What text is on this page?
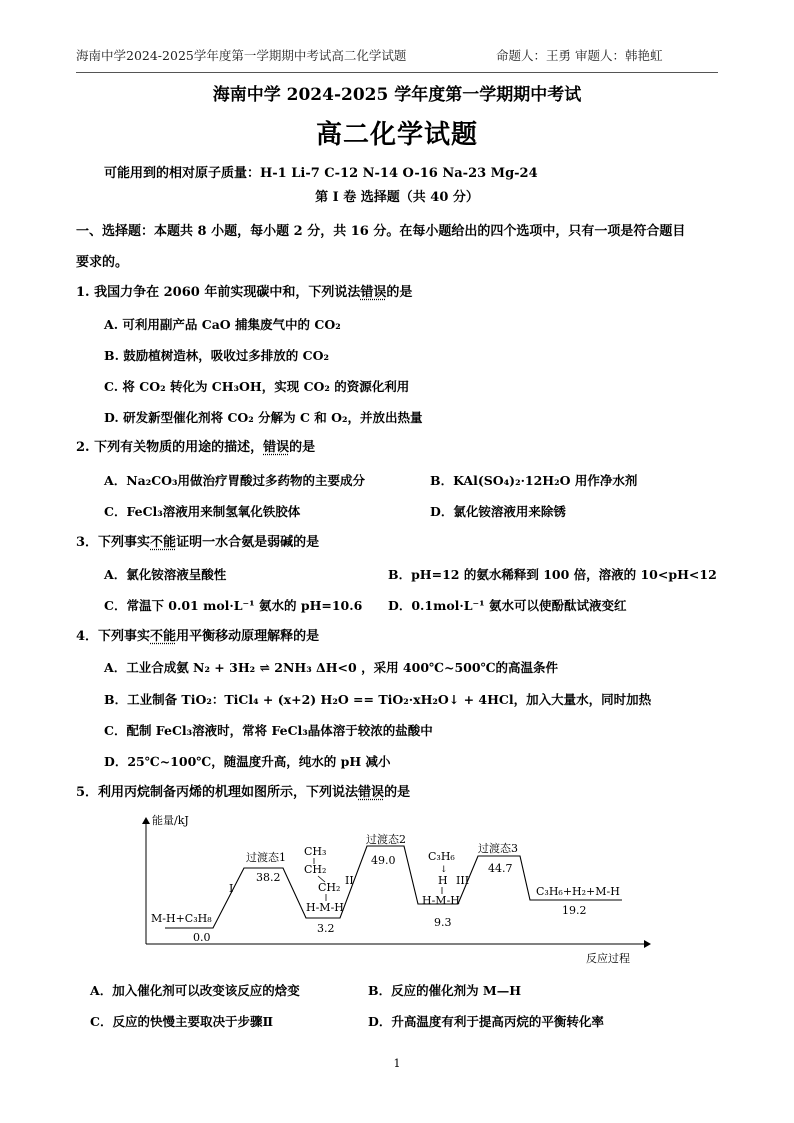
海南中学2024-2025学年度第一学期期中考试高二化学试题	命题人：王勇 审题人：韩艳虹
海南中学 2024-2025 学年度第一学期期中考试
高二化学试题
可能用到的相对原子质量：H-1 Li-7 C-12 N-14 O-16 Na-23 Mg-24
第 I 卷 选择题（共 40 分）
一、选择题：本题共 8 小题，每小题 2 分，共 16 分。在每小题给出的四个选项中，只有一项是符合题目
要求的。
1. 我国力争在 2060 年前实现碳中和，下列说法错误的是
A. 可利用副产品 CaO 捕集废气中的 CO₂
B. 鼓励植树造林，吸收过多排放的 CO₂
C. 将 CO₂ 转化为 CH₃OH，实现 CO₂ 的资源化利用
D. 研发新型催化剂将 CO₂ 分解为 C 和 O₂，并放出热量
2. 下列有关物质的用途的描述，错误的是
A．Na₂CO₃用做治疗胃酸过多药物的主要成分	B．KAl(SO₄)₂·12H₂O 用作净水剂
C．FeCl₃溶液用来制氢氧化铁胶体	D．氯化铵溶液用来除锈
3．下列事实不能证明一水合氨是弱碱的是
A．氯化铵溶液呈酸性	B．pH=12 的氨水稀释到 100 倍，溶液的 10<pH<12
C．常温下 0.01 mol·L⁻¹ 氨水的 pH=10.6 D．0.1mol·L⁻¹ 氨水可以使酚酞试液变红
4．下列事实不能用平衡移动原理解释的是
A．工业合成氨 N₂ + 3H₂ ⇌ 2NH₃ ΔH<0 ，采用 400℃~500℃的高温条件
B．工业制备 TiO₂：TiCl₄ + (x+2) H₂O == TiO₂·xH₂O↓ + 4HCl，加入大量水，同时加热
C．配制 FeCl₃溶液时，常将 FeCl₃晶体溶于较浓的盐酸中
D．25℃~100℃，随温度升高，纯水的 pH 减小
5．利用丙烷制备丙烯的机理如图所示，下列说法错误的是
能量/kJ
反应过程
M-H+C₃H₈
0.0
过渡态1
38.2
I
CH₃
CH₂
CH₂
H-M-H
3.2
II
过渡态2
49.0	C₃H₆
↓
H
H-M-H
9.3
III
过渡态3
44.7
C₃H₆+H₂+M-H
19.2
A．加入催化剂可以改变该反应的焓变	B．反应的催化剂为 M—H
C．反应的快慢主要取决于步骤Ⅱ	D．升高温度有利于提高丙烷的平衡转化率
1
